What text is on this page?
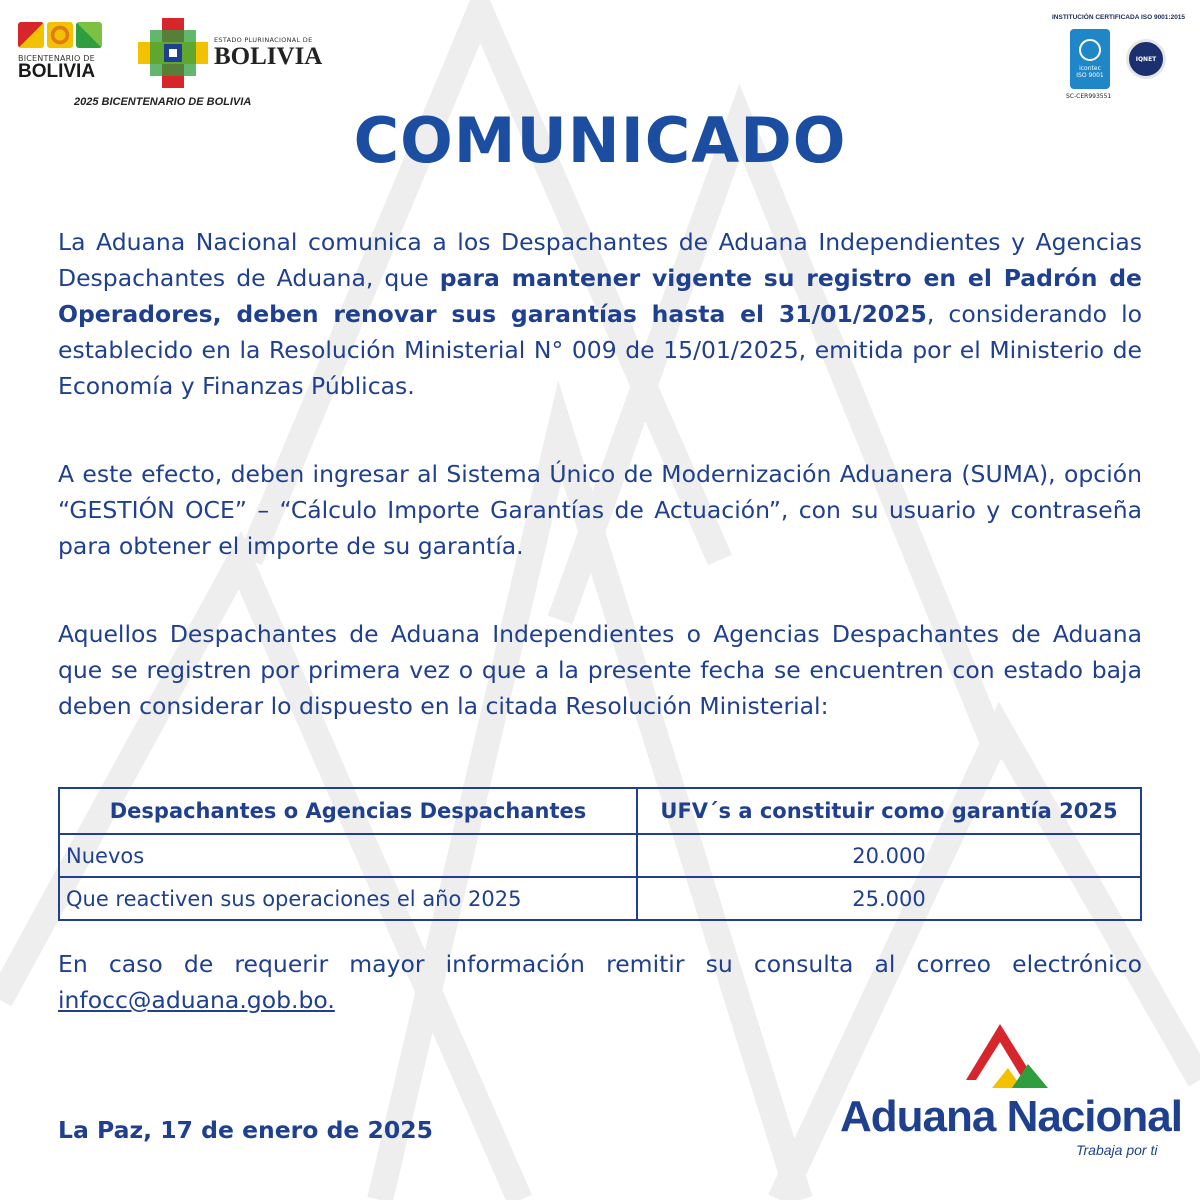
BICENTENARIO DE
BOLIVIA
ESTADO PLURINACIONAL DE
BOLIVIA
2025 BICENTENARIO DE BOLIVIA
INSTITUCIÓN CERTIFICADA ISO 9001:2015
icontec
ISO 9001
IQNET
SC-CER993551
COMUNICADO
La Aduana Nacional comunica a los Despachantes de Aduana Independientes y Agencias Despachantes de Aduana, que para mantener vigente su registro en el Padrón de Operadores, deben renovar sus garantías hasta el 31/01/2025, considerando lo establecido en la Resolución Ministerial N° 009 de 15/01/2025, emitida por el Ministerio de Economía y Finanzas Públicas.
A este efecto, deben ingresar al Sistema Único de Modernización Aduanera (SUMA), opción “GESTIÓN OCE” – “Cálculo Importe Garantías de Actuación”, con su usuario y contraseña para obtener el importe de su garantía.
Aquellos Despachantes de Aduana Independientes o Agencias Despachantes de Aduana que se registren por primera vez o que a la presente fecha se encuentren con estado baja deben considerar lo dispuesto en la citada Resolución Ministerial:
Despachantes o Agencias Despachantes	UFV´s a constituir como garantía 2025
Nuevos	20.000
Que reactiven sus operaciones el año 2025	25.000
En caso de requerir mayor información remitir su consulta al correo electrónico infocc@aduana.gob.bo.
La Paz, 17 de enero de 2025	Aduana Nacional
Trabaja por ti
